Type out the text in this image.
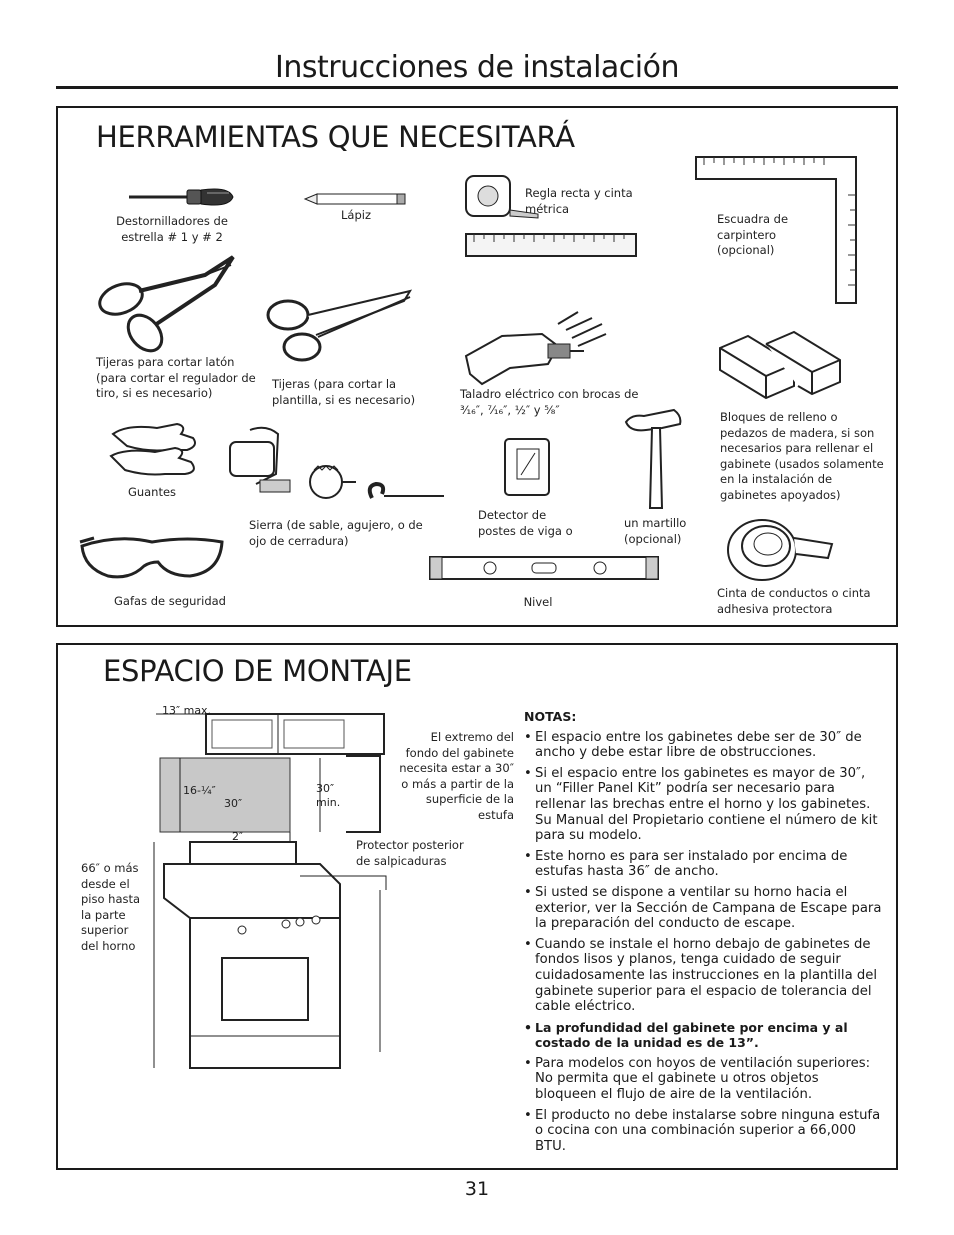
Instrucciones de instalación
HERRAMIENTAS QUE NECESITARÁ
Destornilladores de estrella # 1 y # 2
Lápiz
Regla recta y cinta métrica
Escuadra de carpintero (opcional)
Tijeras para cortar latón (para cortar el regulador de tiro, si es necesario)
Tijeras (para cortar la plantilla, si es necesario)	Taladro eléctrico con brocas de ³⁄₁₆″, ⁷⁄₁₆″, ½″ y ⁵⁄₈″
Bloques de relleno o pedazos de madera, si son necesarios para rellenar el gabinete (usados solamente en la instalación de gabinetes apoyados)
Guantes
Sierra (de sable, agujero, o de ojo de cerradura)
Detector de postes de viga o
un martillo (opcional)
Cinta de conductos o cinta adhesiva protectora
Gafas de seguridad	Nivel
ESPACIO DE MONTAJE
13″ max.
16-¼″
30″
30″ min.
2″
66″ o más desde el piso hasta la parte superior del horno
El extremo del fondo del gabinete necesita estar a 30″ o más a partir de la superficie de la estufa
Protector posterior de salpicaduras
NOTAS:
• El espacio entre los gabinetes debe ser de 30″ de ancho y debe estar libre de obstrucciones.
• Si el espacio entre los gabinetes es mayor de 30″, un “Filler Panel Kit” podría ser necesario para rellenar las brechas entre el horno y los gabinetes. Su Manual del Propietario contiene el número de kit para su modelo.
• Este horno es para ser instalado por encima de estufas hasta 36″ de ancho.
• Si usted se dispone a ventilar su horno hacia el exterior, ver la Sección de Campana de Escape para la preparación del conducto de escape.
• Cuando se instale el horno debajo de gabinetes de fondos lisos y planos, tenga cuidado de seguir cuidadosamente las instrucciones en la plantilla del gabinete superior para el espacio de tolerancia del cable eléctrico.
• La profundidad del gabinete por encima y al costado de la unidad es de 13”.
• Para modelos con hoyos de ventilación superiores: No permita que el gabinete u otros objetos bloqueen el flujo de aire de la ventilación.
• El producto no debe instalarse sobre ninguna estufa o cocina con una combinación superior a 66,000 BTU.
31
